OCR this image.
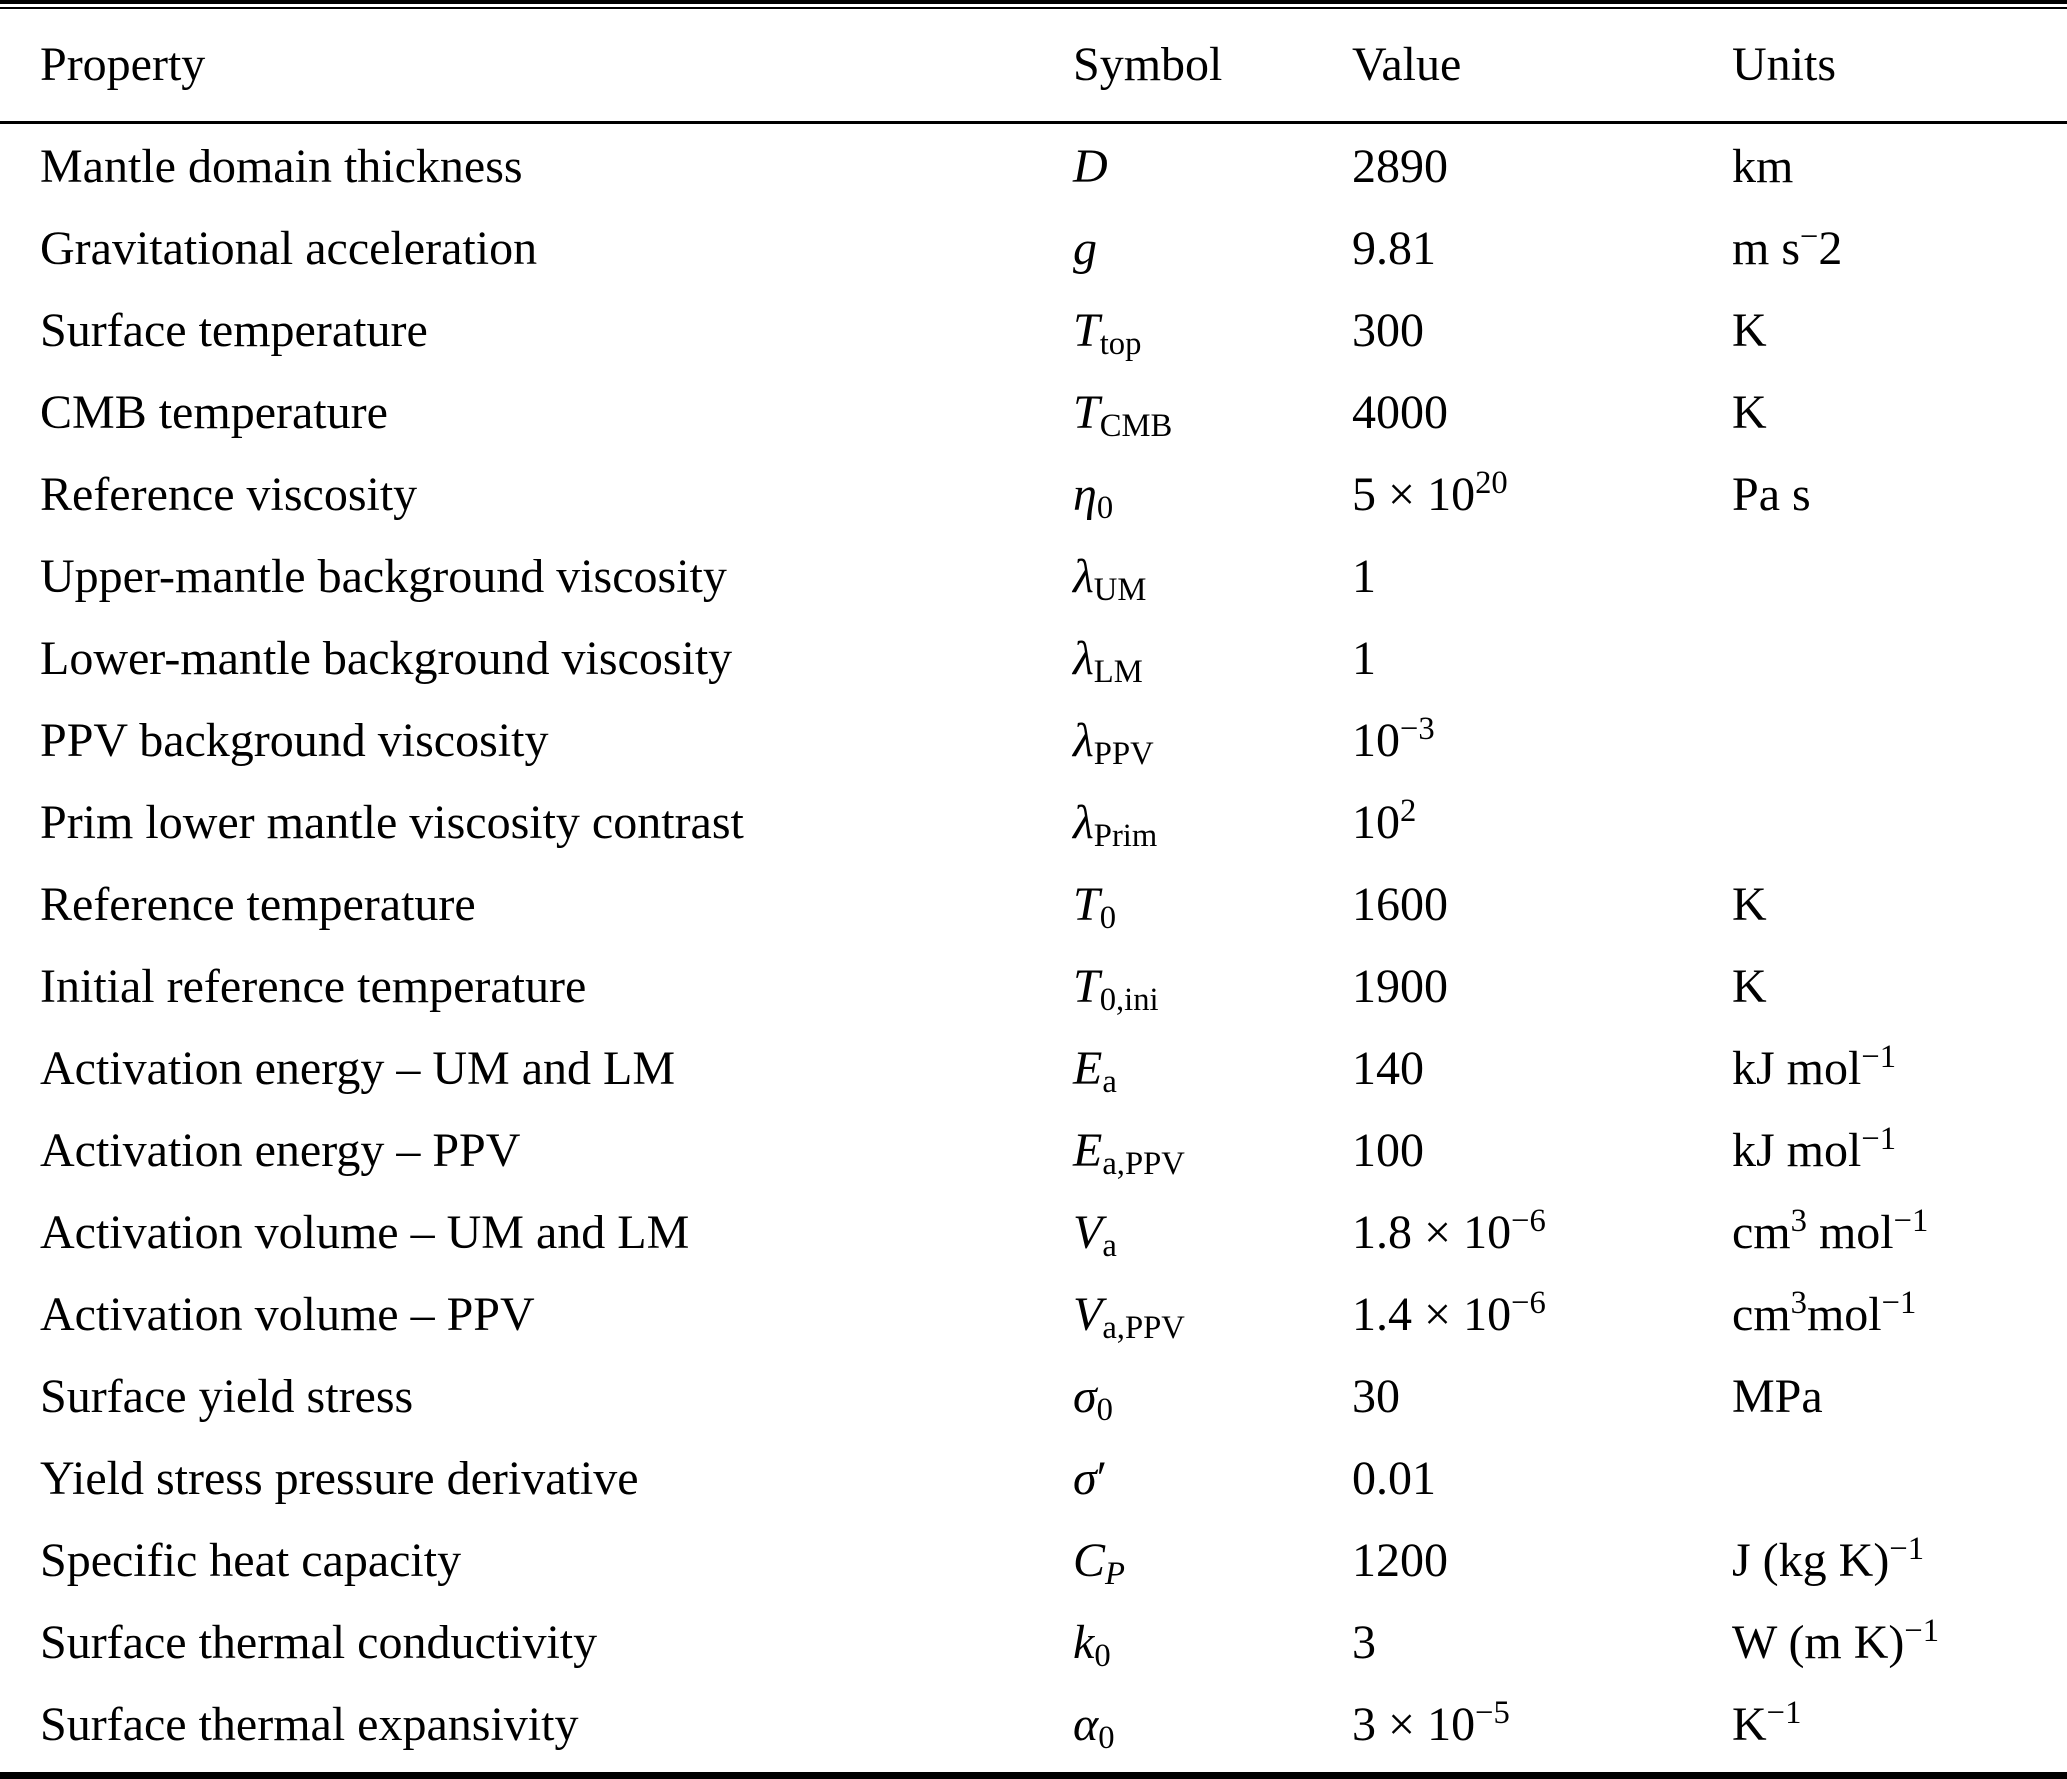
Property	Symbol	Value	Units
Mantle domain thickness	D	2890	km
Gravitational acceleration	g	9.81	m s−2
Surface temperature	$T_{top}$	300	K
CMB temperature	$T_{CMB}$	4000	K
Reference viscosity	$\eta_0$	$5 \times 10^{20}$	Pa s
Upper-mantle background viscosity	$\lambda_{UM}$	1	
Lower-mantle background viscosity	$\lambda_{LM}$	1	
PPV background viscosity	$\lambda_{PPV}$	$10^{-3}$	
Prim lower mantle viscosity contrast	$\lambda_{Prim}$	$10^2$	
Reference temperature	$T_0$	1600	K
Initial reference temperature	$T_{0,ini}$	1900	K
Activation energy – UM and LM	$E_a$	140	kJ mol$^{-1}$
Activation energy – PPV	$E_{a,PPV}$	100	kJ mol$^{-1}$
Activation volume – UM and LM	$V_a$	$1.8 \times 10^{-6}$	$cm^3$ mol$^{-1}$
Activation volume – PPV	$V_{a,PPV}$	$1.4 \times 10^{-6}$	$cm^3mol^{-1}$
Surface yield stress	$\sigma_0$	30	MPa
Yield stress pressure derivative	σ′	0.01	
Specific heat capacity	$C_P$	1200	J (kg K)$^{-1}$
Surface thermal conductivity	$k_0$	3	W (m K)$^{-1}$
Surface thermal expansivity	$\alpha_0$	$3 \times 10^{-5}$	$K^{-1}$
